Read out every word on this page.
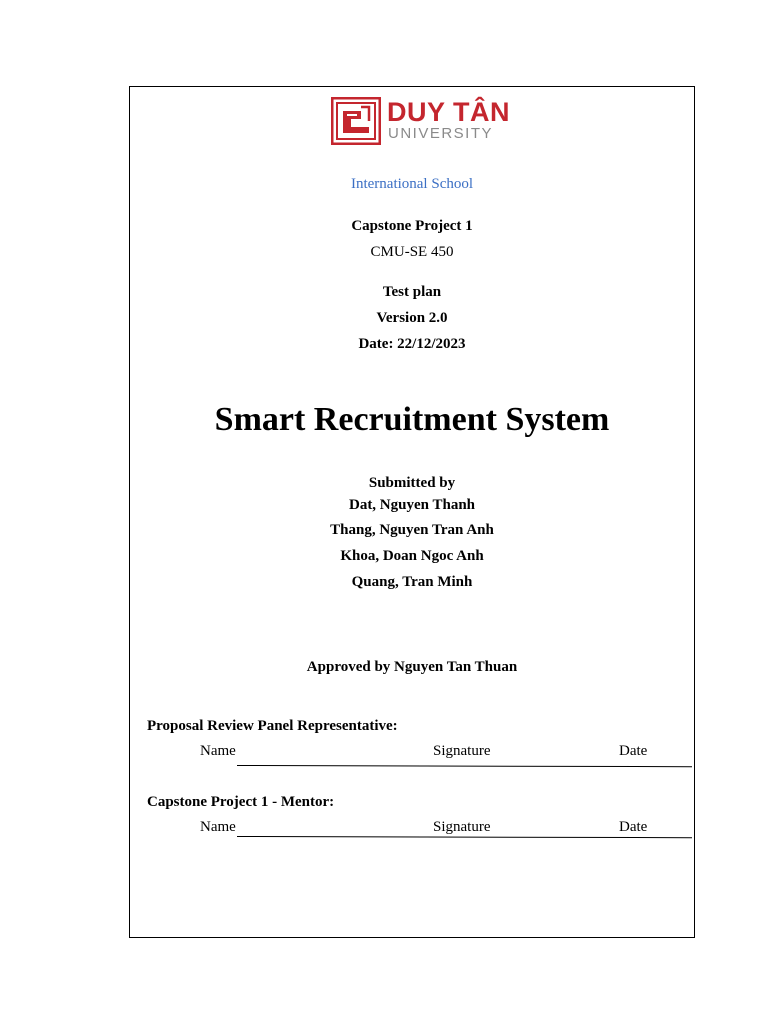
DUY TÂN
UNIVERSITY
International School
Capstone Project 1
CMU-SE 450
Test plan
Version 2.0
Date: 22/12/2023
Smart Recruitment System
Submitted by
Dat, Nguyen Thanh
Thang, Nguyen Tran Anh
Khoa, Doan Ngoc Anh
Quang, Tran Minh
Approved by Nguyen Tan Thuan
Proposal Review Panel Representative:
Name	Signature	Date
Capstone Project 1 - Mentor:
Name	Signature	Date
